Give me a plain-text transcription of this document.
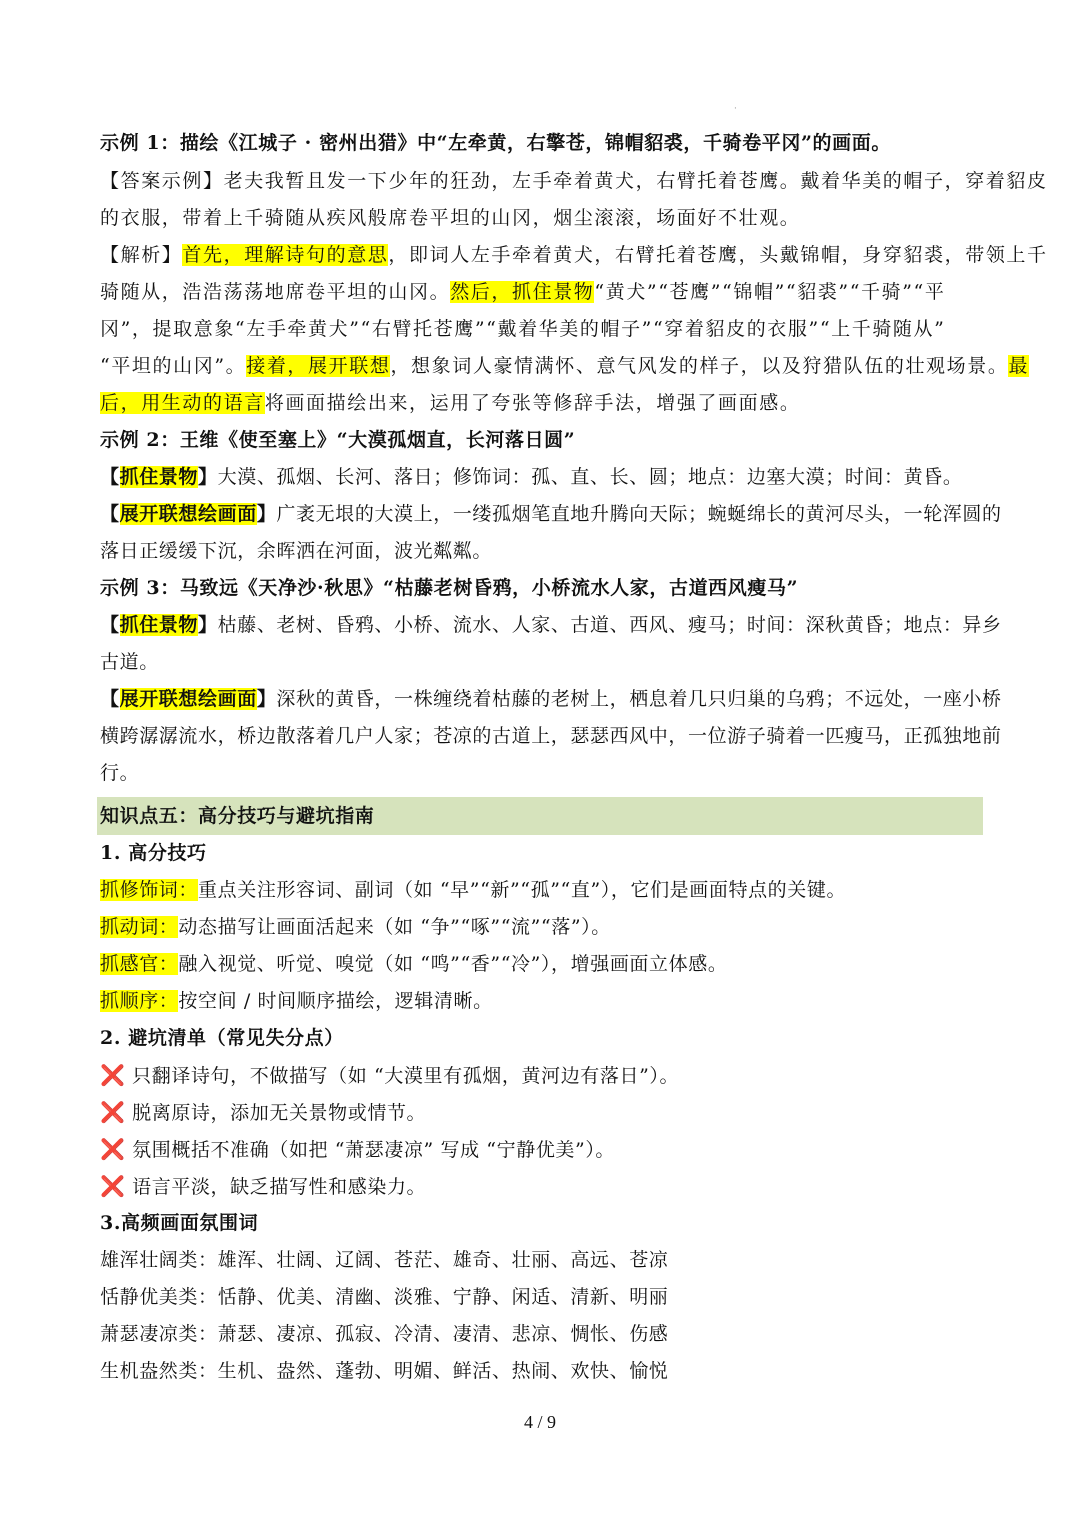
·
示例 1：描绘《江城子 · 密州出猎》中“左牵黄，右擎苍，锦帽貂裘，千骑卷平冈”的画面。
【答案示例】老夫我暂且发一下少年的狂劲，左手牵着黄犬，右臂托着苍鹰。戴着华美的帽子，穿着貂皮
的衣服，带着上千骑随从疾风般席卷平坦的山冈，烟尘滚滚，场面好不壮观。
【解析】首先，理解诗句的意思，即词人左手牵着黄犬，右臂托着苍鹰，头戴锦帽，身穿貂裘，带领上千
骑随从，浩浩荡荡地席卷平坦的山冈。然后，抓住景物“黄犬”“苍鹰”“锦帽”“貂裘”“千骑”“平
冈”，提取意象“左手牵黄犬”“右臂托苍鹰”“戴着华美的帽子”“穿着貂皮的衣服”“上千骑随从”
“平坦的山冈”。接着，展开联想，想象词人豪情满怀、意气风发的样子，以及狩猎队伍的壮观场景。最
后，用生动的语言将画面描绘出来，运用了夸张等修辞手法，增强了画面感。
示例 2：王维《使至塞上》“大漠孤烟直，长河落日圆”
【抓住景物】大漠、孤烟、长河、落日；修饰词：孤、直、长、圆；地点：边塞大漠；时间：黄昏。
【展开联想绘画面】广袤无垠的大漠上，一缕孤烟笔直地升腾向天际；蜿蜒绵长的黄河尽头，一轮浑圆的
落日正缓缓下沉，余晖洒在河面，波光粼粼。
示例 3：马致远《天净沙·秋思》“枯藤老树昏鸦，小桥流水人家，古道西风瘦马”
【抓住景物】枯藤、老树、昏鸦、小桥、流水、人家、古道、西风、瘦马；时间：深秋黄昏；地点：异乡
古道。
【展开联想绘画面】深秋的黄昏，一株缠绕着枯藤的老树上，栖息着几只归巢的乌鸦；不远处，一座小桥
横跨潺潺流水，桥边散落着几户人家；苍凉的古道上，瑟瑟西风中，一位游子骑着一匹瘦马，正孤独地前
行。
知识点五：高分技巧与避坑指南
1. 高分技巧
抓修饰词：重点关注形容词、副词（如 “早”“新”“孤”“直”），它们是画面特点的关键。
抓动词：动态描写让画面活起来（如 “争”“啄”“流”“落”）。
抓感官：融入视觉、听觉、嗅觉（如 “鸣”“香”“冷”），增强画面立体感。
抓顺序：按空间 / 时间顺序描绘，逻辑清晰。
2. 避坑清单（常见失分点）
❌ 只翻译诗句，不做描写（如 “大漠里有孤烟，黄河边有落日”）。
❌ 脱离原诗，添加无关景物或情节。
❌ 氛围概括不准确（如把 “萧瑟凄凉” 写成 “宁静优美”）。
❌ 语言平淡，缺乏描写性和感染力。
3.高频画面氛围词
雄浑壮阔类：雄浑、壮阔、辽阔、苍茫、雄奇、壮丽、高远、苍凉
恬静优美类：恬静、优美、清幽、淡雅、宁静、闲适、清新、明丽
萧瑟凄凉类：萧瑟、凄凉、孤寂、冷清、凄清、悲凉、惆怅、伤感
生机盎然类：生机、盎然、蓬勃、明媚、鲜活、热闹、欢快、愉悦
4 / 9
